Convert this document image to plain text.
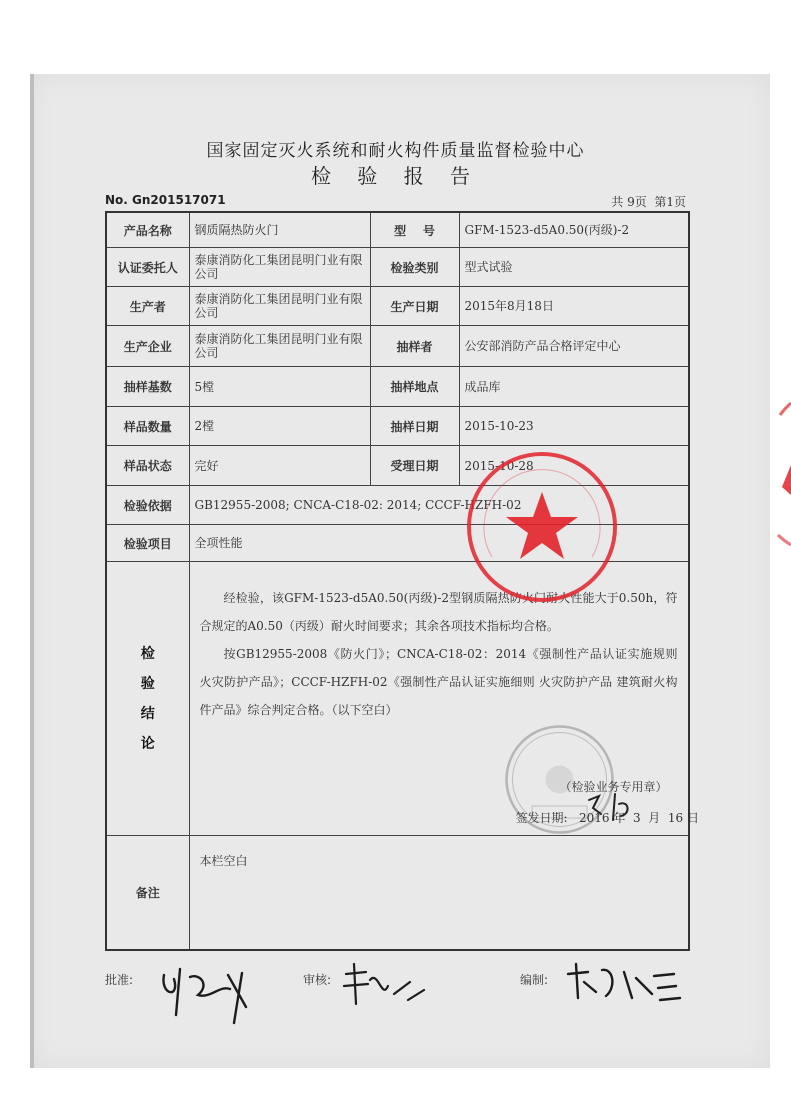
国家固定灭火系统和耐火构件质量监督检验中心
检 验 报 告
No. Gn201517071	共 9页  第1页
产品名称	钢质隔热防火门	型    号	GFM-1523-d5A0.50(丙级)-2
认证委托人	泰康消防化工集团昆明门业有限公司	检验类别	型式试验
生产者	泰康消防化工集团昆明门业有限公司	生产日期	2015年8月18日
生产企业	泰康消防化工集团昆明门业有限公司	抽样者	公安部消防产品合格评定中心
抽样基数	5樘	抽样地点	成品库
样品数量	2樘	抽样日期	2015-10-23
样品状态	完好	受理日期	2015-10-28
检验依据	GB12955-2008; CNCA-C18-02: 2014; CCCF-HZFH-02		
检验项目	全项性能		

检验结论	经检验，该GFM-1523-d5A0.50(丙级)-2型钢质隔热防火门耐火性能大于0.50h，符合规定的A0.50（丙级）耐火时间要求；其余各项技术指标均合格。

按GB12955-2008《防火门》；CNCA-C18-02：2014《强制性产品认证实施规则 火灾防护产品》；CCCF-HZFH-02《强制性产品认证实施细则 火灾防护产品 建筑耐火构件产品》综合判定合格。（以下空白）

（检验业务专用章）
签发日期:   2016 年  3  月  16 日		

备注	本栏空白		
批准:	审核:	编制:
